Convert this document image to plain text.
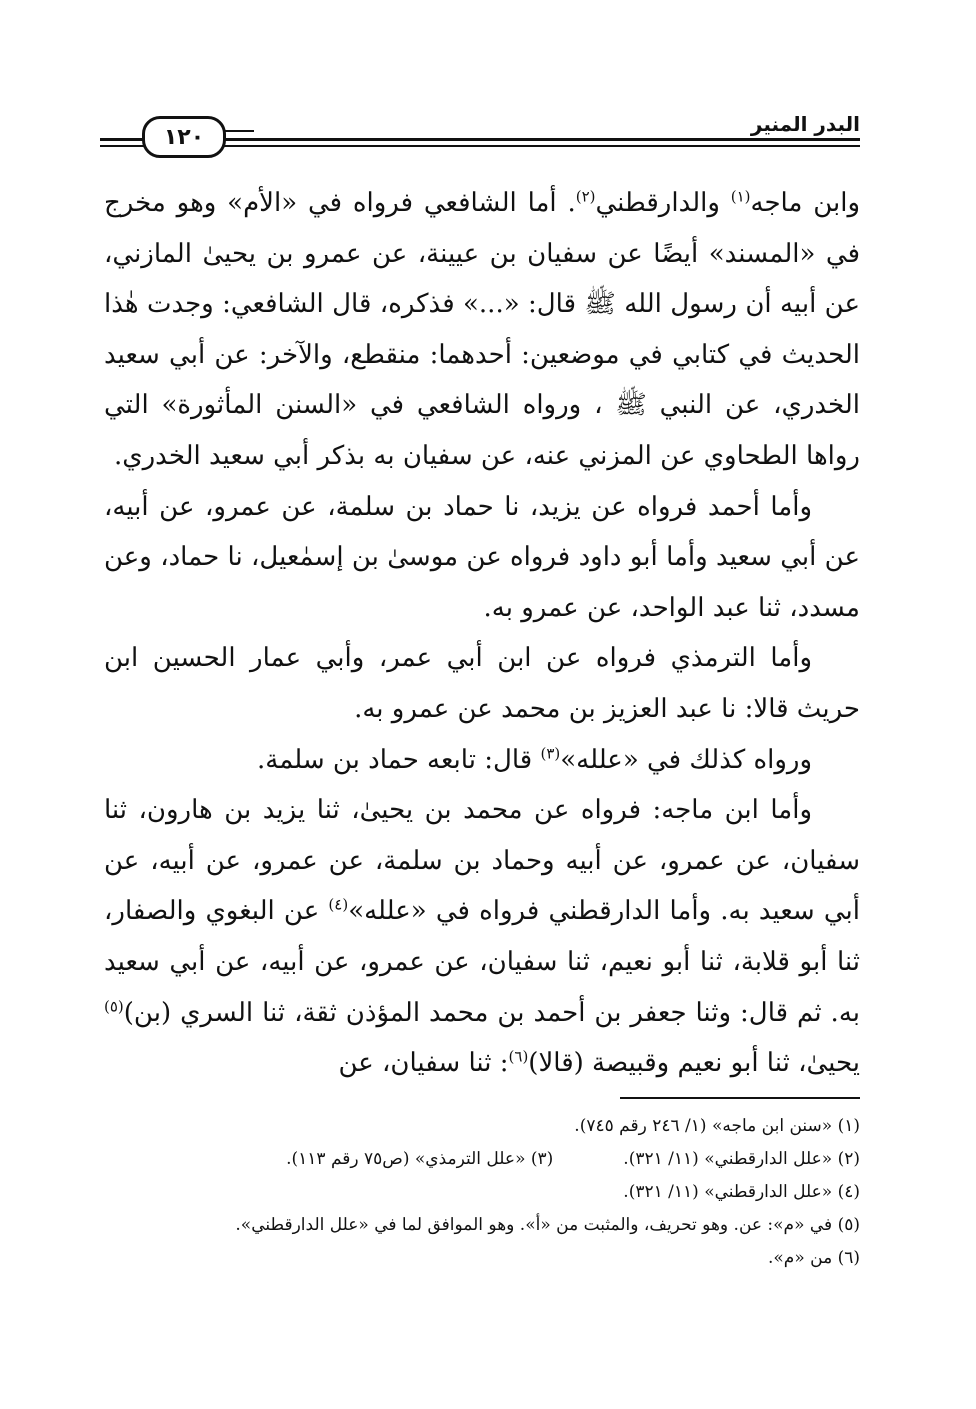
١٢٠
البدر المنير

وابن ماجه$^{(١)}$ والدارقطني$^{(٢)}$. أما الشافعي فرواه في «الأم» وهو مخرج في «المسند» أيضًا عن سفيان بن عيينة، عن عمرو بن يحيىٰ المازني، عن أبيه أن رسول الله ﷺ قال: «...» فذكره، قال الشافعي: وجدت هٰذا الحديث في كتابي في موضعين: أحدهما: منقطع، والآخر: عن أبي سعيد الخدري، عن النبي ﷺ ، ورواه الشافعي في «السنن المأثورة» التي رواها الطحاوي عن المزني عنه، عن سفيان به بذكر أبي سعيد الخدري.

وأما أحمد فرواه عن يزيد، نا حماد بن سلمة، عن عمرو، عن أبيه، عن أبي سعيد وأما أبو داود فرواه عن موسىٰ بن إسمٰعيل، نا حماد، وعن مسدد، ثنا عبد الواحد، عن عمرو به.

وأما الترمذي فرواه عن ابن أبي عمر، وأبي عمار الحسين ابن حريث قالا: نا عبد العزيز بن محمد عن عمرو به.

ورواه كذلك في «علله»$^{(٣)}$ قال: تابعه حماد بن سلمة.

وأما ابن ماجه: فرواه عن محمد بن يحيىٰ، ثنا يزيد بن هارون، ثنا سفيان، عن عمرو، عن أبيه وحماد بن سلمة، عن عمرو، عن أبيه، عن أبي سعيد به. وأما الدارقطني فرواه في «علله»$^{(٤)}$ عن البغوي والصفار، ثنا أبو قلابة، ثنا أبو نعيم، ثنا سفيان، عن عمرو، عن أبيه، عن أبي سعيد به. ثم قال: وثنا جعفر بن أحمد بن محمد المؤذن ثقة، ثنا السري (بن)$^{(٥)}$ يحيىٰ، ثنا أبو نعيم وقبيصة (قالا)$^{(٦)}$: ثنا سفيان، عن

(١) «سنن ابن ماجه» (١/ ٢٤٦ رقم ٧٤٥).
(٢) «علل الدارقطني» (١١/ ٣٢١).(٣) «علل الترمذي» (ص٧٥ رقم ١١٣).
(٤) «علل الدارقطني» (١١/ ٣٢١).
(٥) في «م»: عن. وهو تحريف، والمثبت من «أ». وهو الموافق لما في «علل الدارقطني».
(٦) من «م».
